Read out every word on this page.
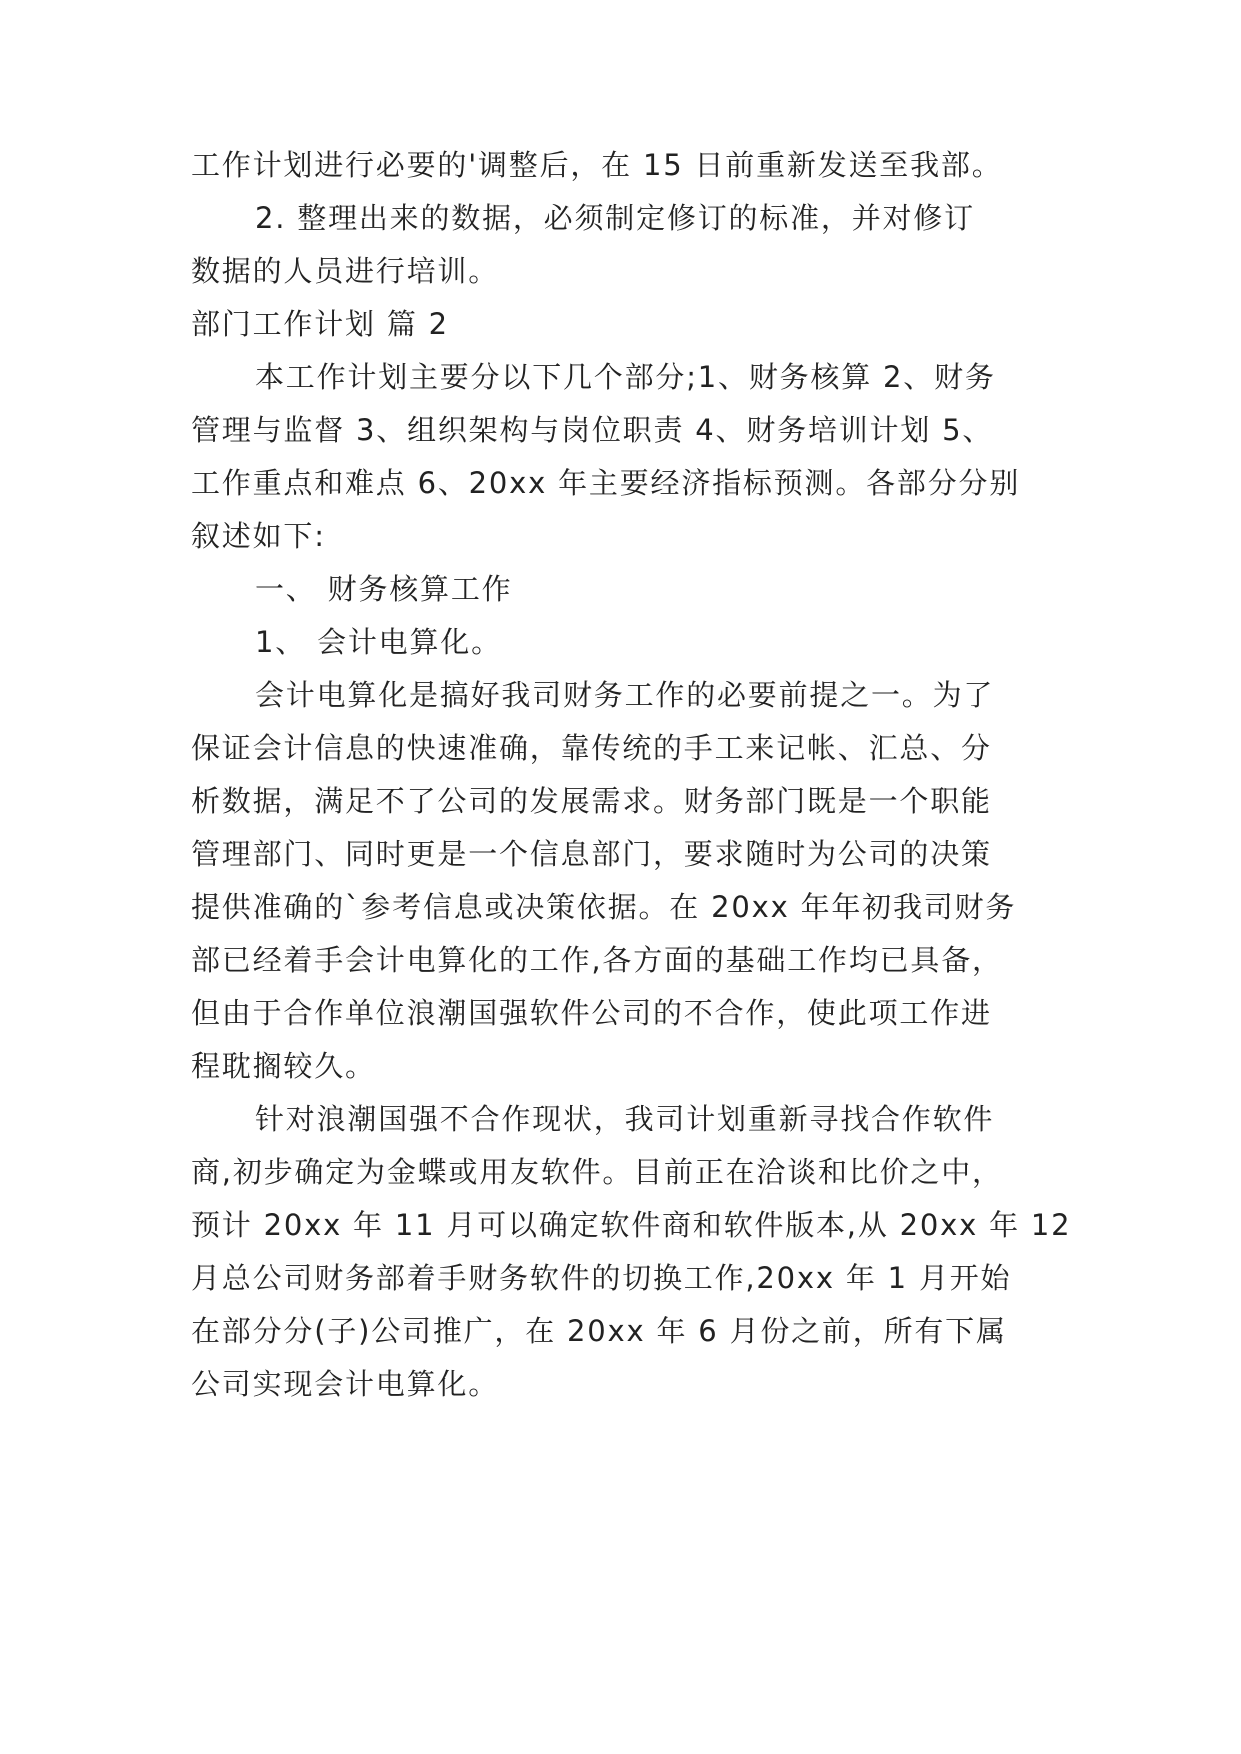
工作计划进行必要的'调整后，在 15 日前重新发送至我部。
2. 整理出来的数据，必须制定修订的标准，并对修订
数据的人员进行培训。
部门工作计划 篇 2
本工作计划主要分以下几个部分;1、财务核算 2、财务
管理与监督 3、组织架构与岗位职责 4、财务培训计划 5、
工作重点和难点 6、20xx 年主要经济指标预测。各部分分别
叙述如下:
一、 财务核算工作
1、 会计电算化。
会计电算化是搞好我司财务工作的必要前提之一。为了
保证会计信息的快速准确，靠传统的手工来记帐、汇总、分
析数据，满足不了公司的发展需求。财务部门既是一个职能
管理部门、同时更是一个信息部门，要求随时为公司的决策
提供准确的`参考信息或决策依据。在 20xx 年年初我司财务
部已经着手会计电算化的工作,各方面的基础工作均已具备，
但由于合作单位浪潮国强软件公司的不合作，使此项工作进
程耽搁较久。
针对浪潮国强不合作现状，我司计划重新寻找合作软件
商,初步确定为金蝶或用友软件。目前正在洽谈和比价之中，
预计 20xx 年 11 月可以确定软件商和软件版本,从 20xx 年 12
月总公司财务部着手财务软件的切换工作,20xx 年 1 月开始
在部分分(子)公司推广，在 20xx 年 6 月份之前，所有下属
公司实现会计电算化。
